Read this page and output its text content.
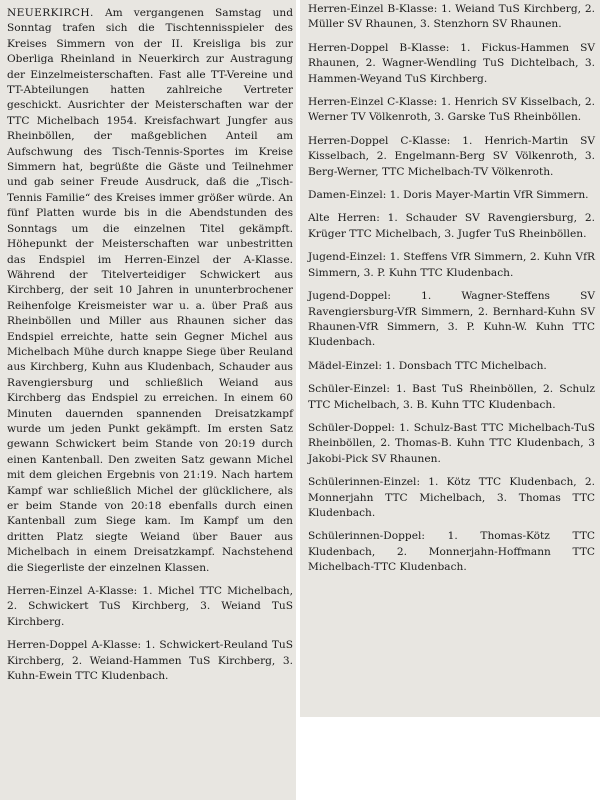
NEUERKIRCH. Am vergangenen Samstag und Sonntag trafen sich die Tischtennisspieler des Kreises Simmern von der II. Kreisliga bis zur Oberliga Rheinland in Neuerkirch zur Austragung der Einzelmeisterschaften. Fast alle TT-Vereine und TT-Abteilungen hatten zahlreiche Vertreter geschickt. Ausrichter der Meisterschaften war der TTC Michelbach 1954. Kreisfachwart Jungfer aus Rheinböllen, der maßgeblichen Anteil am Aufschwung des Tisch-Tennis-Sportes im Kreise Simmern hat, begrüßte die Gäste und Teilnehmer und gab seiner Freude Ausdruck, daß die „Tisch-Tennis Familie“ des Kreises immer größer würde. An fünf Platten wurde bis in die Abendstunden des Sonntags um die einzelnen Titel gekämpft. Höhepunkt der Meisterschaften war unbestritten das Endspiel im Herren-Einzel der A-Klasse. Während der Titelverteidiger Schwickert aus Kirchberg, der seit 10 Jahren in ununterbrochener Reihenfolge Kreismeister war u. a. über Praß aus Rheinböllen und Miller aus Rhaunen sicher das Endspiel erreichte, hatte sein Gegner Michel aus Michelbach Mühe durch knappe Siege über Reuland aus Kirchberg, Kuhn aus Kludenbach, Schauder aus Ravengiersburg und schließlich Weiand aus Kirchberg das Endspiel zu erreichen. In einem 60 Minuten dauernden spannenden Dreisatzkampf wurde um jeden Punkt gekämpft. Im ersten Satz gewann Schwickert beim Stande von 20:19 durch einen Kantenball. Den zweiten Satz gewann Michel mit dem gleichen Ergebnis von 21:19. Nach hartem Kampf war schließlich Michel der glücklichere, als er beim Stande von 20:18 ebenfalls durch einen Kantenball zum Siege kam. Im Kampf um den dritten Platz siegte Weiand über Bauer aus Michelbach in einem Dreisatzkampf. Nachstehend die Siegerliste der einzelnen Klassen.

Herren-Einzel A-Klasse: 1. Michel TTC Michelbach, 2. Schwickert TuS Kirchberg, 3. Weiand TuS Kirchberg.

Herren-Doppel A-Klasse: 1. Schwickert-Reuland TuS Kirchberg, 2. Weiand-Hammen TuS Kirchberg, 3. Kuhn-Ewein TTC Kludenbach.

Herren-Einzel B-Klasse: 1. Weiand TuS Kirchberg, 2. Müller SV Rhaunen, 3. Stenzhorn SV Rhaunen.

Herren-Doppel B-Klasse: 1. Fickus-Hammen SV Rhaunen, 2. Wagner-Wendling TuS Dichtelbach, 3. Hammen-Weyand TuS Kirchberg.

Herren-Einzel C-Klasse: 1. Henrich SV Kisselbach, 2. Werner TV Völkenroth, 3. Garske TuS Rheinböllen.

Herren-Doppel C-Klasse: 1. Henrich-Martin SV Kisselbach, 2. Engelmann-Berg SV Völkenroth, 3. Berg-Werner, TTC Michelbach-TV Völkenroth.

Damen-Einzel: 1. Doris Mayer-Martin VfR Simmern.

Alte Herren: 1. Schauder SV Ravengiersburg, 2. Krüger TTC Michelbach, 3. Jugfer TuS Rheinböllen.

Jugend-Einzel: 1. Steffens VfR Simmern, 2. Kuhn VfR Simmern, 3. P. Kuhn TTC Kludenbach.

Jugend-Doppel: 1. Wagner-Steffens SV Ravengiersburg-VfR Simmern, 2. Bernhard-Kuhn SV Rhaunen-VfR Simmern, 3. P. Kuhn-W. Kuhn TTC Kludenbach.

Mädel-Einzel: 1. Donsbach TTC Michelbach.

Schüler-Einzel: 1. Bast TuS Rheinböllen, 2. Schulz TTC Michelbach, 3. B. Kuhn TTC Kludenbach.

Schüler-Doppel: 1. Schulz-Bast TTC Michelbach-TuS Rheinböllen, 2. Thomas-B. Kuhn TTC Kludenbach, 3 Jakobi-Pick SV Rhaunen.

Schülerinnen-Einzel: 1. Kötz TTC Kludenbach, 2. Monnerjahn TTC Michelbach, 3. Thomas TTC Kludenbach.

Schülerinnen-Doppel: 1. Thomas-Kötz TTC Kludenbach, 2. Monnerjahn-Hoffmann TTC Michelbach-TTC Kludenbach.
